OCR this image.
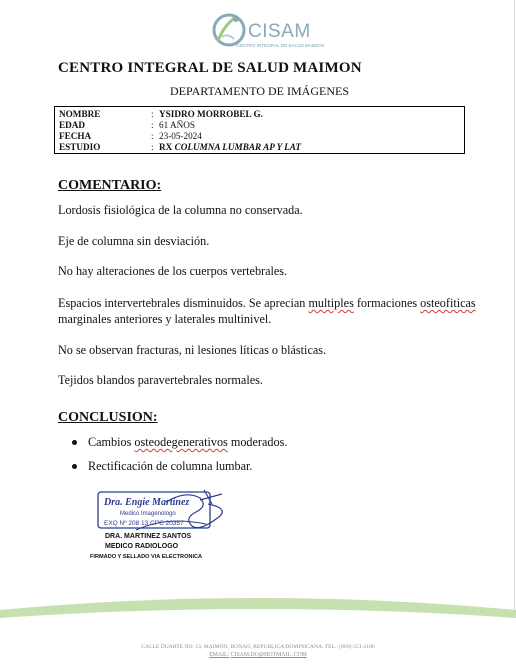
CISAM
CENTRO INTEGRAL DE SALUD MAIMON
CENTRO INTEGRAL DE SALUD MAIMON
DEPARTAMENTO DE IMÁGENES
NOMBRE	: YSIDRO MORROBEL G.
EDAD	: 61 AÑOS
FECHA	: 23-05-2024
ESTUDIO	: RX COLUMNA LUMBAR AP Y LAT
COMENTARIO:
Lordosis fisiológica de la columna no conservada.
Eje de columna sin desviación.
No hay alteraciones de los cuerpos vertebrales.
Espacios intervertebrales disminuidos. Se aprecian multiples formaciones osteofiticas marginales anteriores y laterales multinivel.
No se observan fracturas, ni lesiones líticas o blásticas.
Tejidos blandos paravertebrales normales.
CONCLUSION:
Cambios osteodegenerativos moderados.
Rectificación de columna lumbar.
Dra. Engie Martinez
Medico Imagenologo
EXQ Nº 208 13 CPC 20357
DRA. MARTINEZ SANTOS
MEDICO RADIOLOGO
FIRMADO Y SELLADO VIA ELECTRONICA
CALLE DUARTE NO. 13, MAIMÓN, BONAO, REPUBLICA DOMINICANA, TEL.: (809)-551-2186
EMAIL: CISAM.DO@HOTMAIL .COM
